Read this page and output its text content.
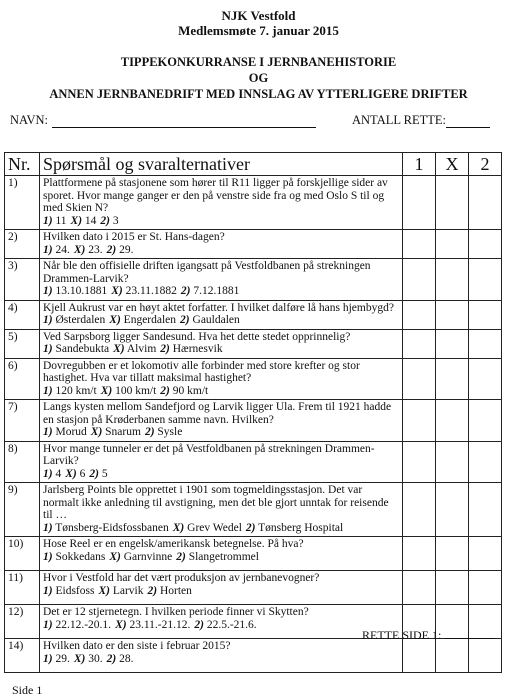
NJK Vestfold
Medlemsmøte 7. januar 2015
TIPPEKONKURRANSE I JERNBANEHISTORIE
OG
ANNEN JERNBANEDRIFT MED INNSLAG AV YTTERLIGERE DRIFTER
NAVN:	ANTALL RETTE:
Nr.	Spørsmål og svaralternativer	1	X	2
1)	Plattformene på stasjonene som hører til R11 ligger på forskjellige sider av sporet. Hvor mange ganger er den på venstre side fra og med Oslo S til og med Skien N?
1) 11 X) 14 2) 3			

2)	Hvilken dato i 2015 er St. Hans-dagen?
1) 24. X) 23. 2) 29.			

3)	Når ble den offisielle driften igangsatt på Vestfoldbanen på strekningen Drammen-Larvik?
1) 13.10.1881 X) 23.11.1882 2) 7.12.1881			

4)	Kjell Aukrust var en høyt aktet forfatter. I hvilket dalføre lå hans hjembygd?
1) Østerdalen X) Engerdalen 2) Gauldalen			

5)	Ved Sarpsborg ligger Sandesund. Hva het dette stedet opprinnelig?
1) Sandebukta X) Alvim 2) Hærnesvik			

6)	Dovregubben er et lokomotiv alle forbinder med store krefter og stor hastighet. Hva var tillatt maksimal hastighet?
1) 120 km/t X) 100 km/t 2) 90 km/t			

7)	Langs kysten mellom Sandefjord og Larvik ligger Ula. Frem til 1921 hadde en stasjon på Krøderbanen samme navn. Hvilken?
1) Morud X) Snarum 2) Sysle			

8)	Hvor mange tunneler er det på Vestfoldbanen på strekningen Drammen-Larvik?
1) 4 X) 6 2) 5			

9)	Jarlsberg Points ble opprettet i 1901 som togmeldingsstasjon. Det var normalt ikke anledning til avstigning, men det ble gjort unntak for reisende til …
1) Tønsberg-Eidsfossbanen X) Grev Wedel 2) Tønsberg Hospital			

10)	Hose Reel er en engelsk/amerikansk betegnelse. På hva?
1) Sokkedans X) Garnvinne 2) Slangetrommel			

11)	Hvor i Vestfold har det vært produksjon av jernbanevogner?
1) Eidsfoss X) Larvik 2) Horten			

12)	Det er 12 stjernetegn. I hvilken periode finner vi Skytten?
1) 22.12.-20.1. X) 23.11.-21.12. 2) 22.5.-21.6.			

14)	Hvilken dato er den siste i februar 2015?
1) 29. X) 30. 2) 28.			

RETTE SIDE 1:
Side 1
